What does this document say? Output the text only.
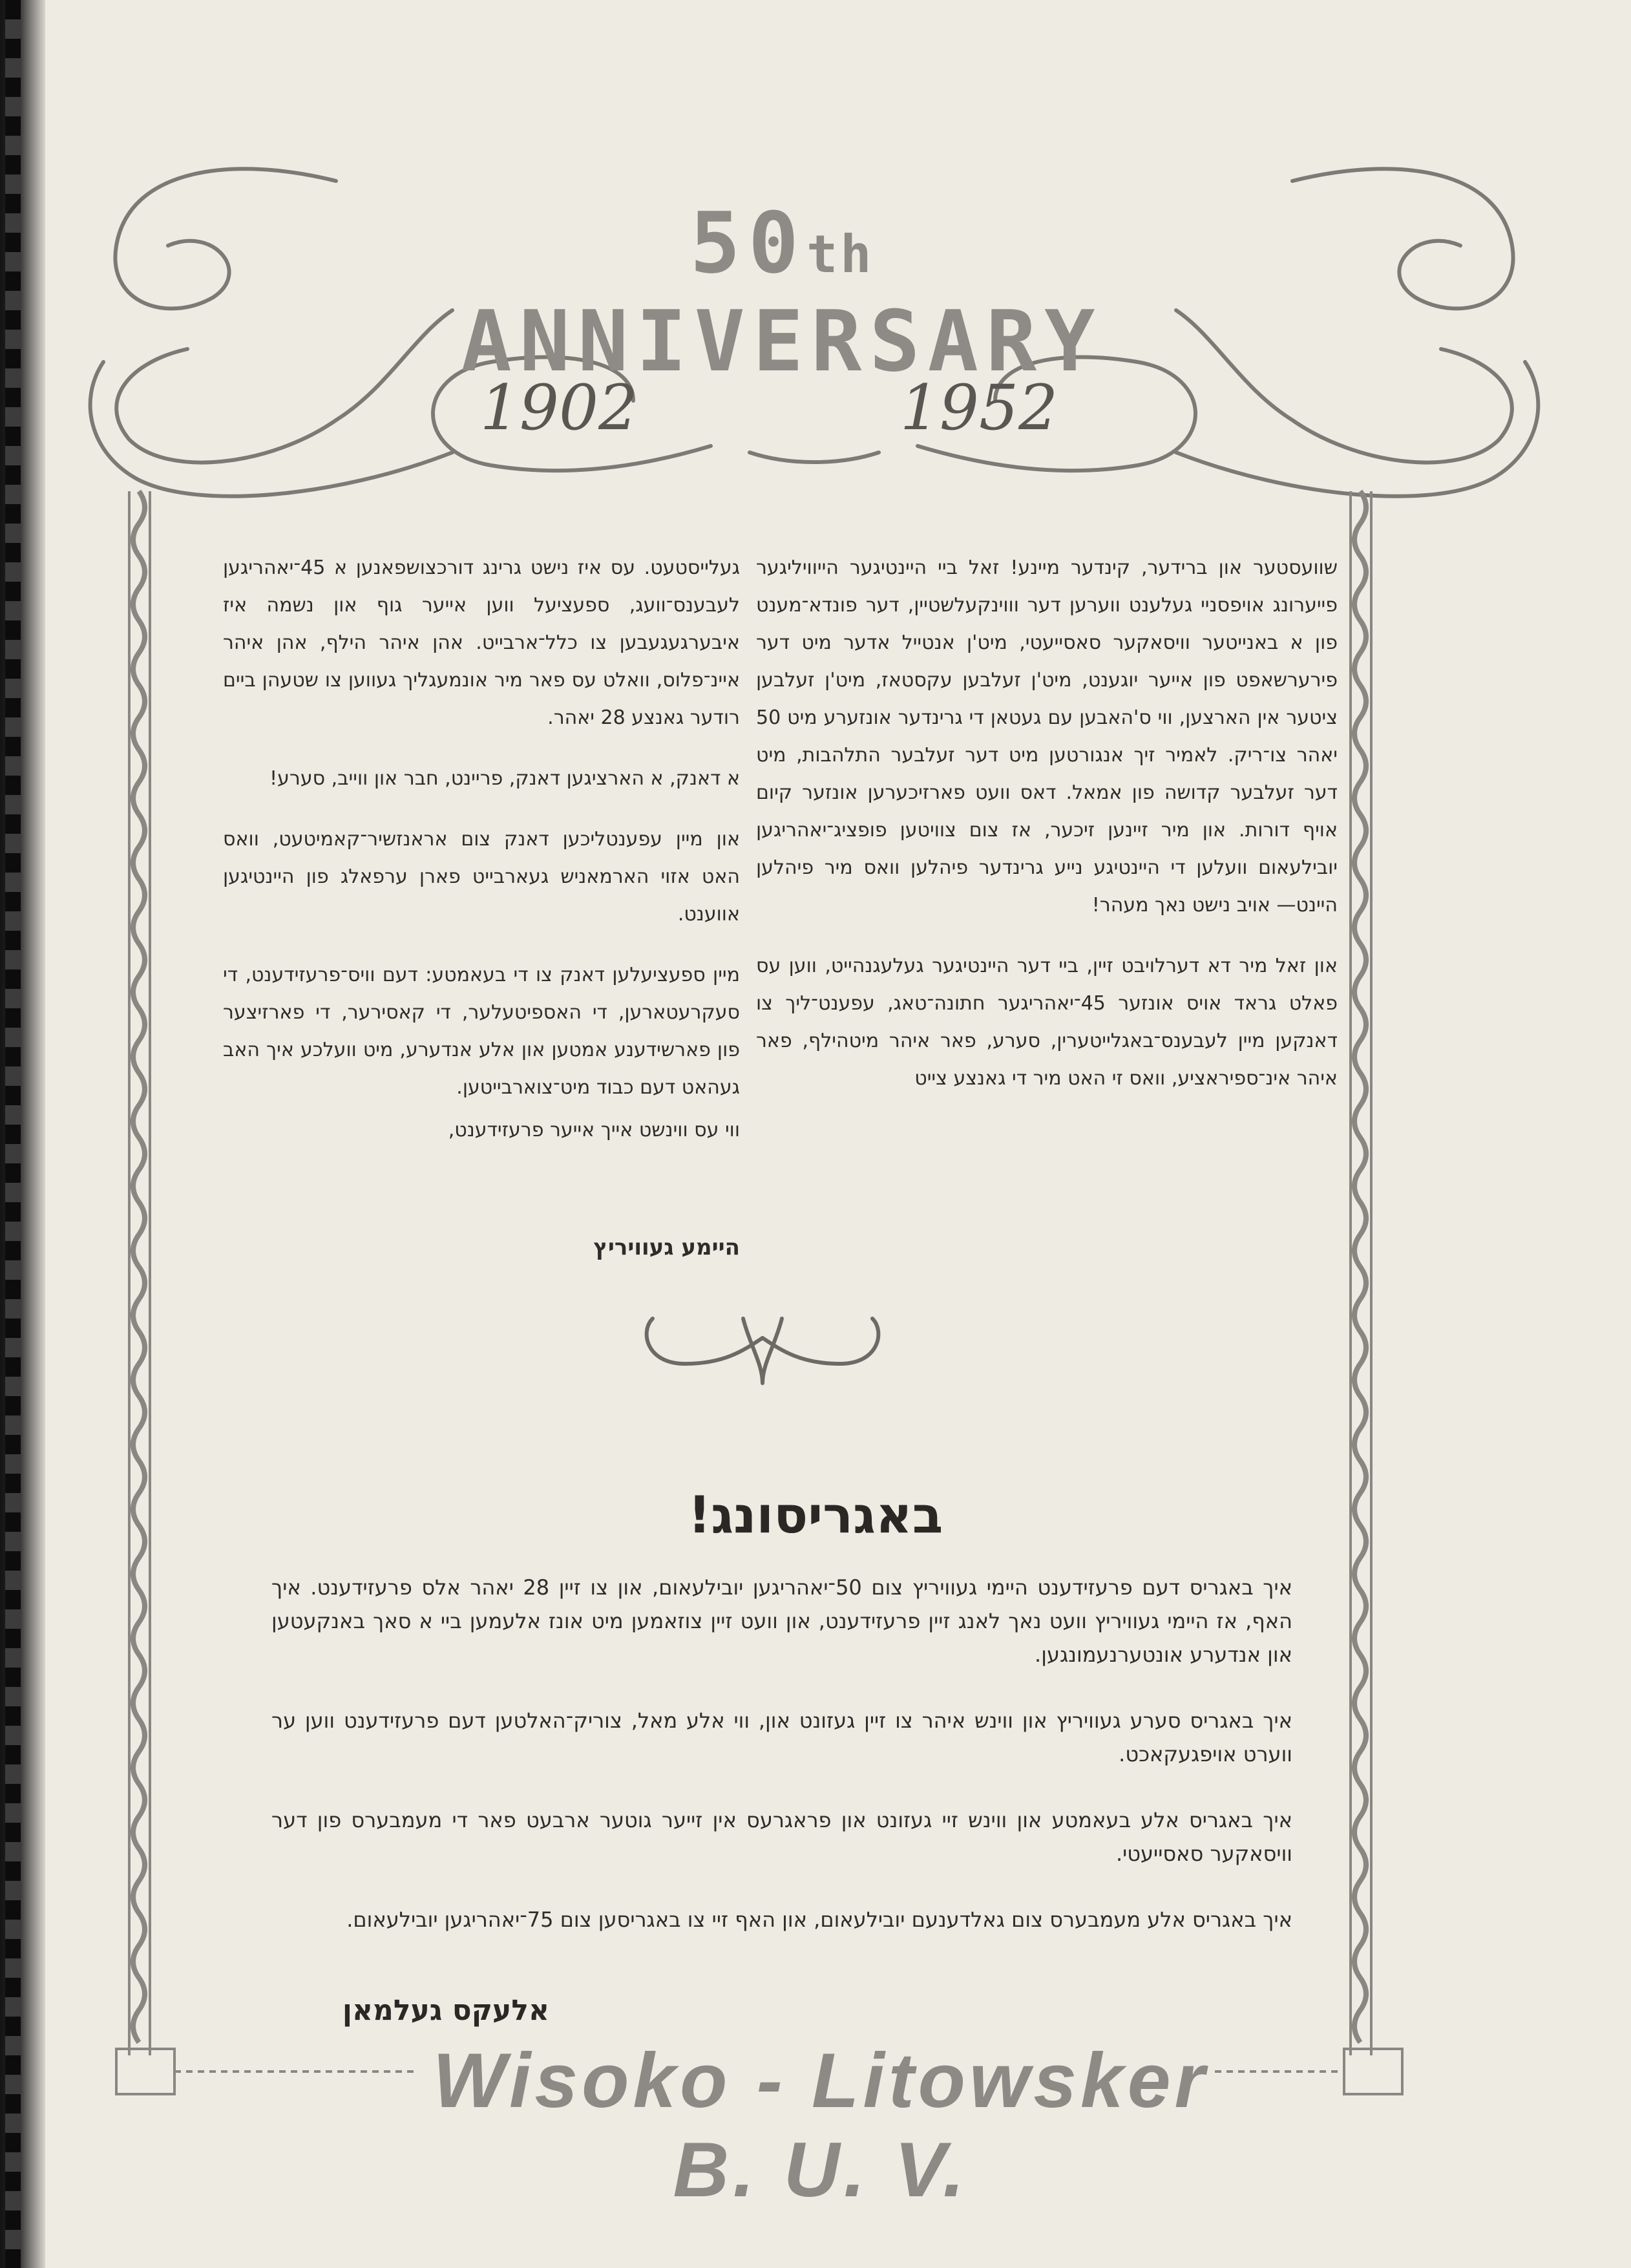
50th ANNIVERSARY
1902	1952

שוועסטער און ברידער, קינדער מיינע! זאל ביי היינטיגער הייוויליגער פייערונג אויפסניי געלענט ווערען דער וווינקעלשטיין, דער פונדא־מענט פון א באנייטער וויסאקער סאסייעטי, מיט'ן אנטייל אדער מיט דער פירערשאפט פון אייער יוגענט, מיט'ן זעלבען עקסטאז, מיט'ן זעלבען ציטער אין הארצען, ווי ס'האבען עם געטאן די גרינדער אונזערע מיט 50 יאהר צו־ריק. לאמיר זיך אנגורטען מיט דער זעלבער התלהבות, מיט דער זעלבער קדושה פון אמאל. דאס וועט פארזיכערען אונזער קיום אויף דורות. און מיר זיינען זיכער, אז צום צוויטען פופציג־יאהריגען יובילעאום וועלען די היינטיגע נייע גרינדער פיהלען וואס מיר פיהלען היינט— אויב נישט נאך מעהר!

און זאל מיר דא דערלויבט זיין, ביי דער היינטיגער געלעגנהייט, ווען עס פאלט גראד אויס אונזער 45־יאהריגער חתונה־טאג, עפענט־ליך צו דאנקען מיין לעבענס־באגלייטערין, סערע, פאר איהר מיטהילף, פאר איהר אינ־ספיראציע, וואס זי האט מיר די גאנצע צייט

געלייסטעט. עס איז נישט גרינג דורכצושפאנען א 45־יאהריגען לעבענס־וועג, ספעציעל ווען אייער גוף און נשמה איז איבערגעגעבען צו כלל־ארבייט. אהן איהר הילף, אהן איהר איינ־פלוס, וואלט עס פאר מיר אונמעגליך געווען צו שטעהן ביים רודער גאנצע 28 יאהר.

א דאנק, א הארציגען דאנק, פריינט, חבר און ווייב, סערע!

און מיין עפענטליכען דאנק צום אראנזשיר־קאמיטעט, וואס האט אזוי הארמאניש געארבייט פארן ערפאלג פון היינטיגען אווענט.

מיין ספעציעלען דאנק צו די בעאמטע: דעם וויס־פרעזידענט, די סעקרעטארען, די האספיטעלער, די קאסירער, די פארזיצער פון פארשידענע אמטען און אלע אנדערע, מיט וועלכע איך האב געהאט דעם כבוד מיט־צוארבייטען.

ווי עס ווינשט אייך אייער פרעזידענט,

היימע געוויריץ
באגריסונג!

איך באגריס דעם פרעזידענט היימי געוויריץ צום 50־יאהריגען יובילעאום, און צו זיין 28 יאהר אלס פרעזידענט. איך האף, אז היימי געוויריץ וועט נאך לאנג זיין פרעזידענט, און וועט זיין צוזאמען מיט אונז אלעמען ביי א סאך באנקעטען און אנדערע אונטערנעמונגען.

איך באגריס סערע געוויריץ און ווינש איהר צו זיין געזונט און, ווי אלע מאל, צוריק־האלטען דעם פרעזידענט ווען ער ווערט אויפגעקאכט.

איך באגריס אלע בעאמטע און ווינש זיי געזונט און פראגרעס אין זייער גוטער ארבעט פאר די מעמבערס פון דער וויסאקער סאסייעטי.

איך באגריס אלע מעמבערס צום גאלדענעם יובילעאום, און האף זיי צו באגריסען צום 75־יאהריגען יובילעאום.

אלעקס געלמאן
Wisoko - Litowsker B. U. V.
